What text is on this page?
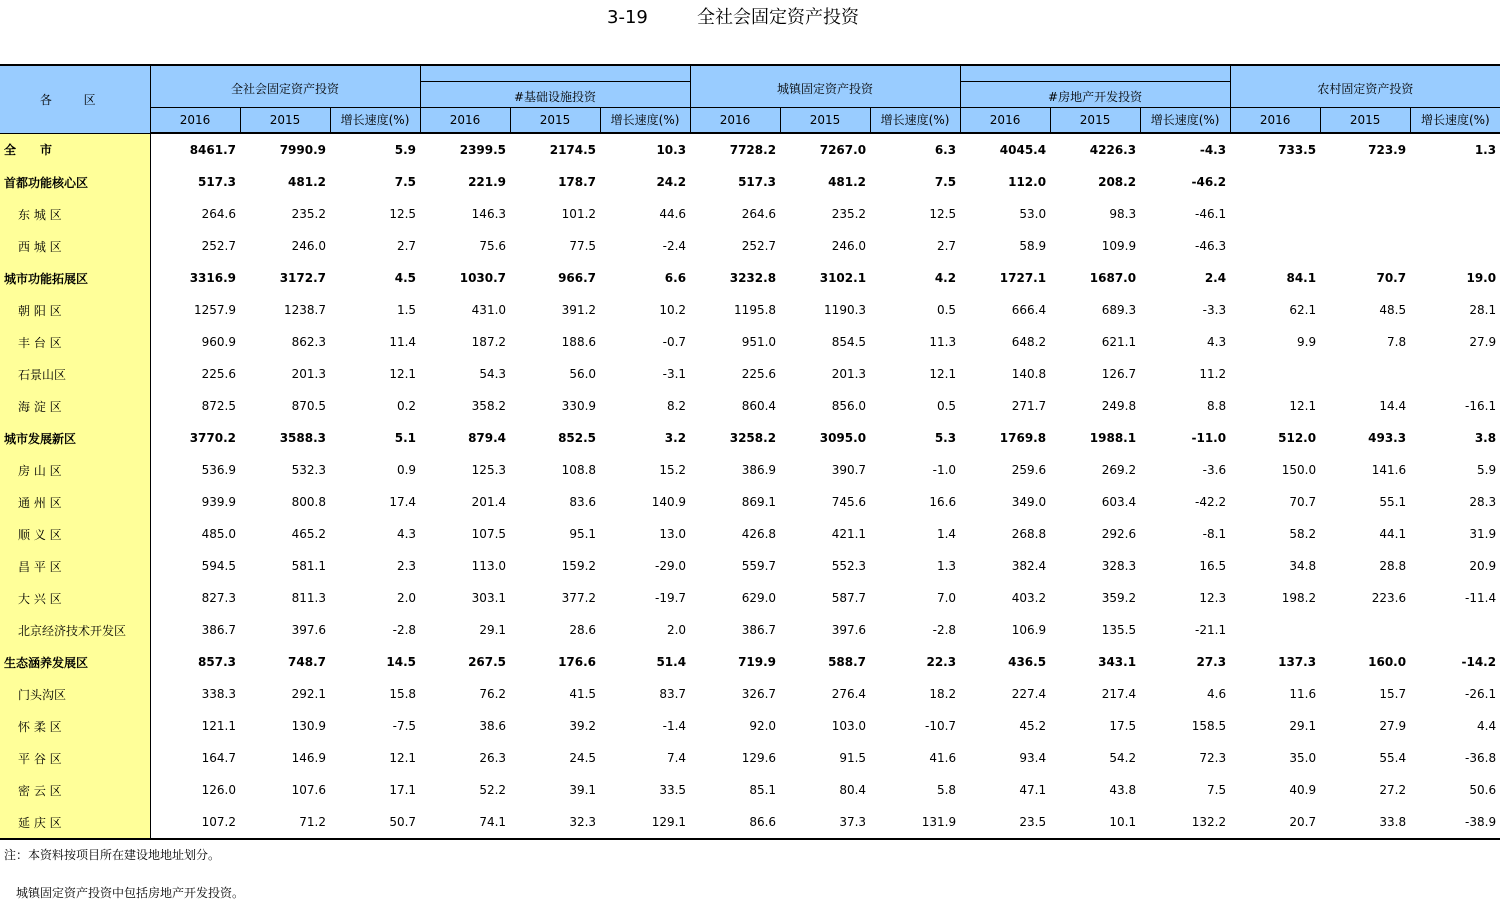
3-19	全社会固定资产投资
各 区	全社会固定资产投资						城镇固定资产投资						农村固定资产投资		
				#基础设施投资						#房地产开发投资					
	2016	2015	增长速度(%)	2016	2015	增长速度(%)	2016	2015	增长速度(%)	2016	2015	增长速度(%)	2016	2015	增长速度(%)
全　　市	8461.7	7990.9	5.9	2399.5	2174.5	10.3	7728.2	7267.0	6.3	4045.4	4226.3	-4.3	733.5	723.9	1.3
首都功能核心区	517.3	481.2	7.5	221.9	178.7	24.2	517.3	481.2	7.5	112.0	208.2	-46.2			
东 城 区	264.6	235.2	12.5	146.3	101.2	44.6	264.6	235.2	12.5	53.0	98.3	-46.1			
西 城 区	252.7	246.0	2.7	75.6	77.5	-2.4	252.7	246.0	2.7	58.9	109.9	-46.3			
城市功能拓展区	3316.9	3172.7	4.5	1030.7	966.7	6.6	3232.8	3102.1	4.2	1727.1	1687.0	2.4	84.1	70.7	19.0
朝 阳 区	1257.9	1238.7	1.5	431.0	391.2	10.2	1195.8	1190.3	0.5	666.4	689.3	-3.3	62.1	48.5	28.1
丰 台 区	960.9	862.3	11.4	187.2	188.6	-0.7	951.0	854.5	11.3	648.2	621.1	4.3	9.9	7.8	27.9
石景山区	225.6	201.3	12.1	54.3	56.0	-3.1	225.6	201.3	12.1	140.8	126.7	11.2			
海 淀 区	872.5	870.5	0.2	358.2	330.9	8.2	860.4	856.0	0.5	271.7	249.8	8.8	12.1	14.4	-16.1
城市发展新区	3770.2	3588.3	5.1	879.4	852.5	3.2	3258.2	3095.0	5.3	1769.8	1988.1	-11.0	512.0	493.3	3.8
房 山 区	536.9	532.3	0.9	125.3	108.8	15.2	386.9	390.7	-1.0	259.6	269.2	-3.6	150.0	141.6	5.9
通 州 区	939.9	800.8	17.4	201.4	83.6	140.9	869.1	745.6	16.6	349.0	603.4	-42.2	70.7	55.1	28.3
顺 义 区	485.0	465.2	4.3	107.5	95.1	13.0	426.8	421.1	1.4	268.8	292.6	-8.1	58.2	44.1	31.9
昌 平 区	594.5	581.1	2.3	113.0	159.2	-29.0	559.7	552.3	1.3	382.4	328.3	16.5	34.8	28.8	20.9
大 兴 区	827.3	811.3	2.0	303.1	377.2	-19.7	629.0	587.7	7.0	403.2	359.2	12.3	198.2	223.6	-11.4
北京经济技术开发区	386.7	397.6	-2.8	29.1	28.6	2.0	386.7	397.6	-2.8	106.9	135.5	-21.1			
生态涵养发展区	857.3	748.7	14.5	267.5	176.6	51.4	719.9	588.7	22.3	436.5	343.1	27.3	137.3	160.0	-14.2
门头沟区	338.3	292.1	15.8	76.2	41.5	83.7	326.7	276.4	18.2	227.4	217.4	4.6	11.6	15.7	-26.1
怀 柔 区	121.1	130.9	-7.5	38.6	39.2	-1.4	92.0	103.0	-10.7	45.2	17.5	158.5	29.1	27.9	4.4
平 谷 区	164.7	146.9	12.1	26.3	24.5	7.4	129.6	91.5	41.6	93.4	54.2	72.3	35.0	55.4	-36.8
密 云 区	126.0	107.6	17.1	52.2	39.1	33.5	85.1	80.4	5.8	47.1	43.8	7.5	40.9	27.2	50.6
延 庆 区	107.2	71.2	50.7	74.1	32.3	129.1	86.6	37.3	131.9	23.5	10.1	132.2	20.7	33.8	-38.9
注：本资料按项目所在建设地地址划分。
城镇固定资产投资中包括房地产开发投资。
